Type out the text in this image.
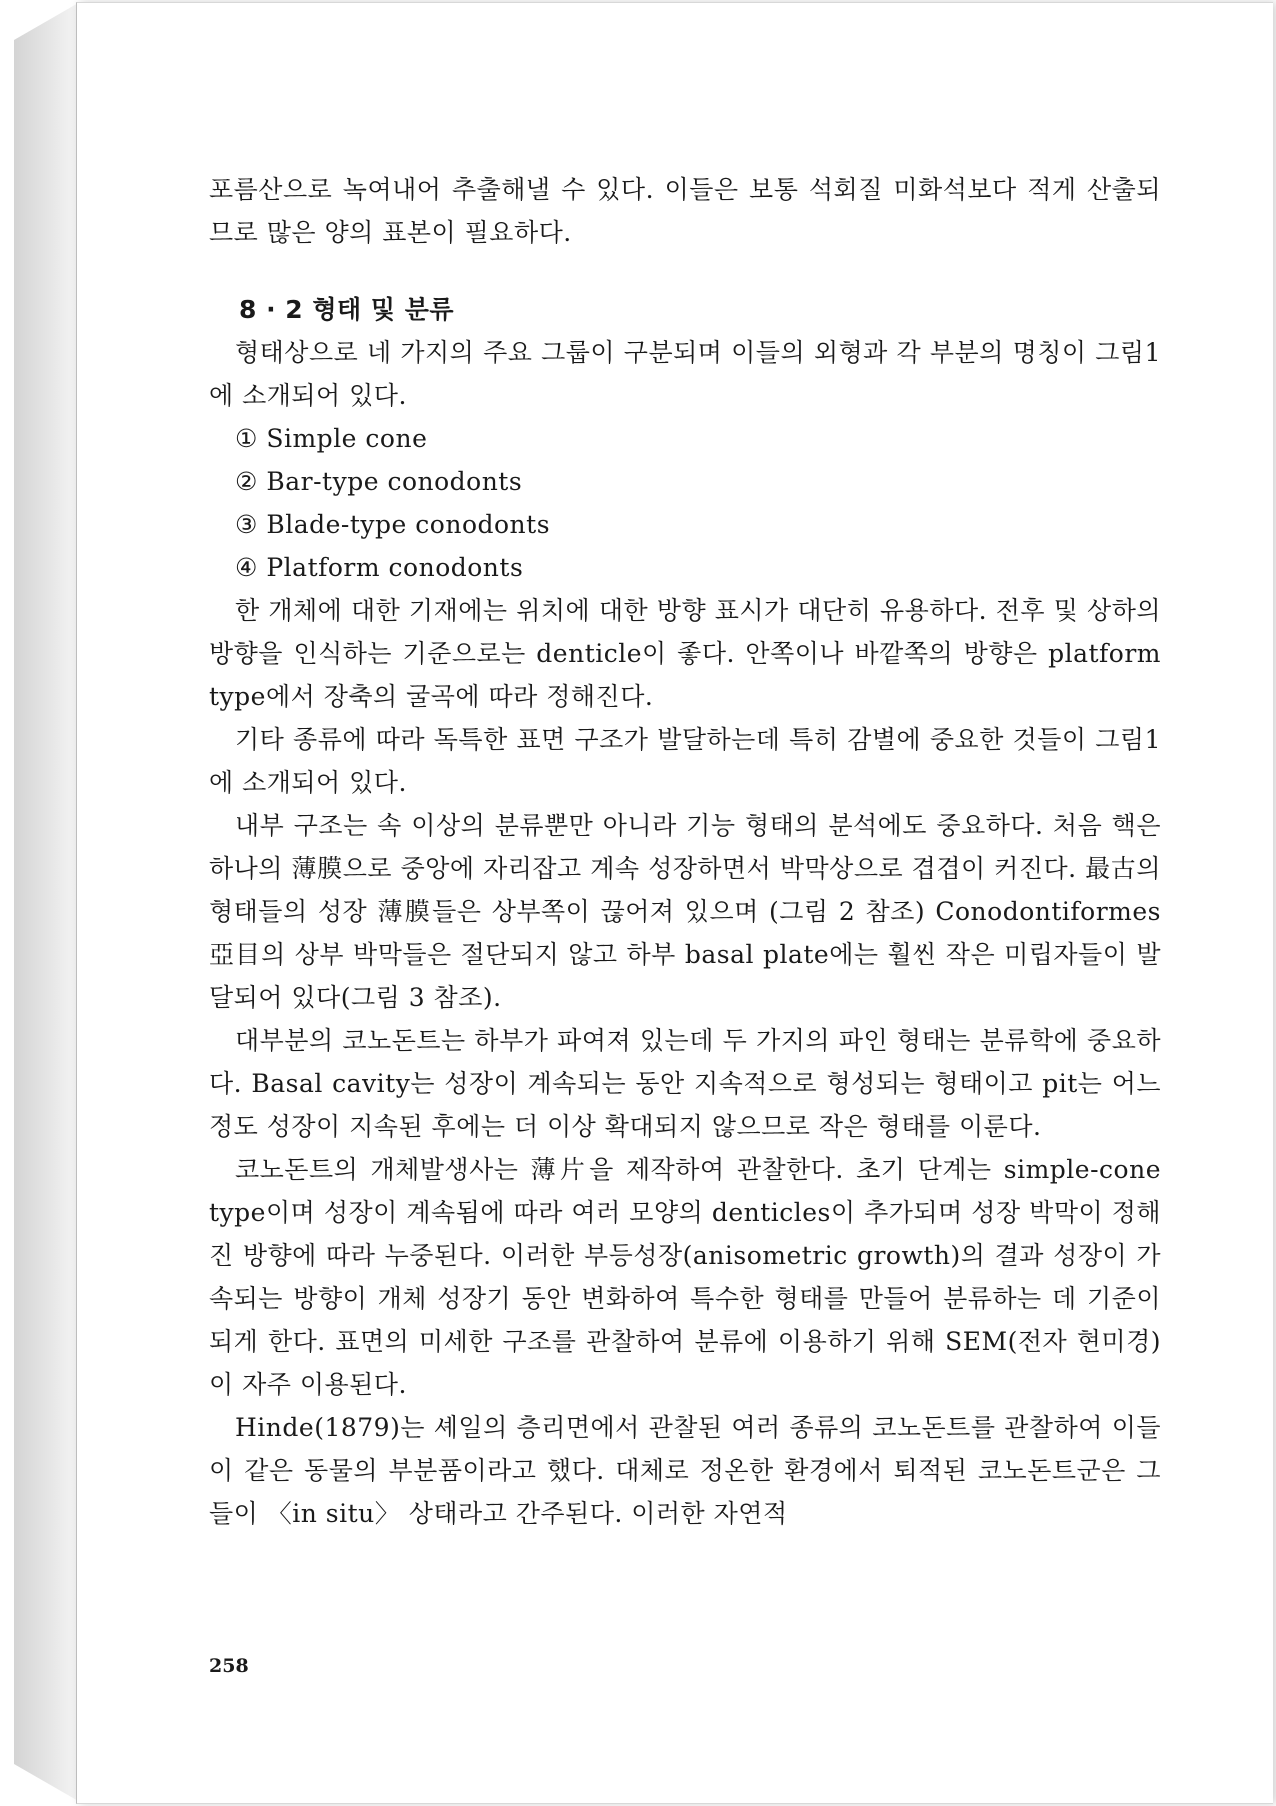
포름산으로 녹여내어 추출해낼 수 있다. 이들은 보통 석회질 미화석보다 적게 산출되므로 많은 양의 표본이 필요하다.

8 · 2 형태 및 분류

형태상으로 네 가지의 주요 그룹이 구분되며 이들의 외형과 각 부분의 명칭이 그림1에 소개되어 있다.

① Simple cone

② Bar-type conodonts

③ Blade-type conodonts

④ Platform conodonts

한 개체에 대한 기재에는 위치에 대한 방향 표시가 대단히 유용하다. 전후 및 상하의 방향을 인식하는 기준으로는 denticle이 좋다. 안쪽이나 바깥쪽의 방향은 platform type에서 장축의 굴곡에 따라 정해진다.

기타 종류에 따라 독특한 표면 구조가 발달하는데 특히 감별에 중요한 것들이 그림1에 소개되어 있다.

내부 구조는 속 이상의 분류뿐만 아니라 기능 형태의 분석에도 중요하다. 처음 핵은 하나의 薄膜으로 중앙에 자리잡고 계속 성장하면서 박막상으로 겹겹이 커진다. 最古의 형태들의 성장 薄膜들은 상부쪽이 끊어져 있으며 (그림 2 참조) Conodontiformes 亞目의 상부 박막들은 절단되지 않고 하부 basal plate에는 훨씬 작은 미립자들이 발달되어 있다(그림 3 참조).

대부분의 코노돈트는 하부가 파여져 있는데 두 가지의 파인 형태는 분류학에 중요하다. Basal cavity는 성장이 계속되는 동안 지속적으로 형성되는 형태이고 pit는 어느 정도 성장이 지속된 후에는 더 이상 확대되지 않으므로 작은 형태를 이룬다.

코노돈트의 개체발생사는 薄片을 제작하여 관찰한다. 초기 단계는 simple-cone type이며 성장이 계속됨에 따라 여러 모양의 denticles이 추가되며 성장 박막이 정해진 방향에 따라 누중된다. 이러한 부등성장(anisometric growth)의 결과 성장이 가속되는 방향이 개체 성장기 동안 변화하여 특수한 형태를 만들어 분류하는 데 기준이 되게 한다. 표면의 미세한 구조를 관찰하여 분류에 이용하기 위해 SEM(전자 현미경)이 자주 이용된다.

Hinde(1879)는 셰일의 층리면에서 관찰된 여러 종류의 코노돈트를 관찰하여 이들이 같은 동물의 부분품이라고 했다. 대체로 정온한 환경에서 퇴적된 코노돈트군은 그들이 〈in situ〉 상태라고 간주된다. 이러한 자연적

258
